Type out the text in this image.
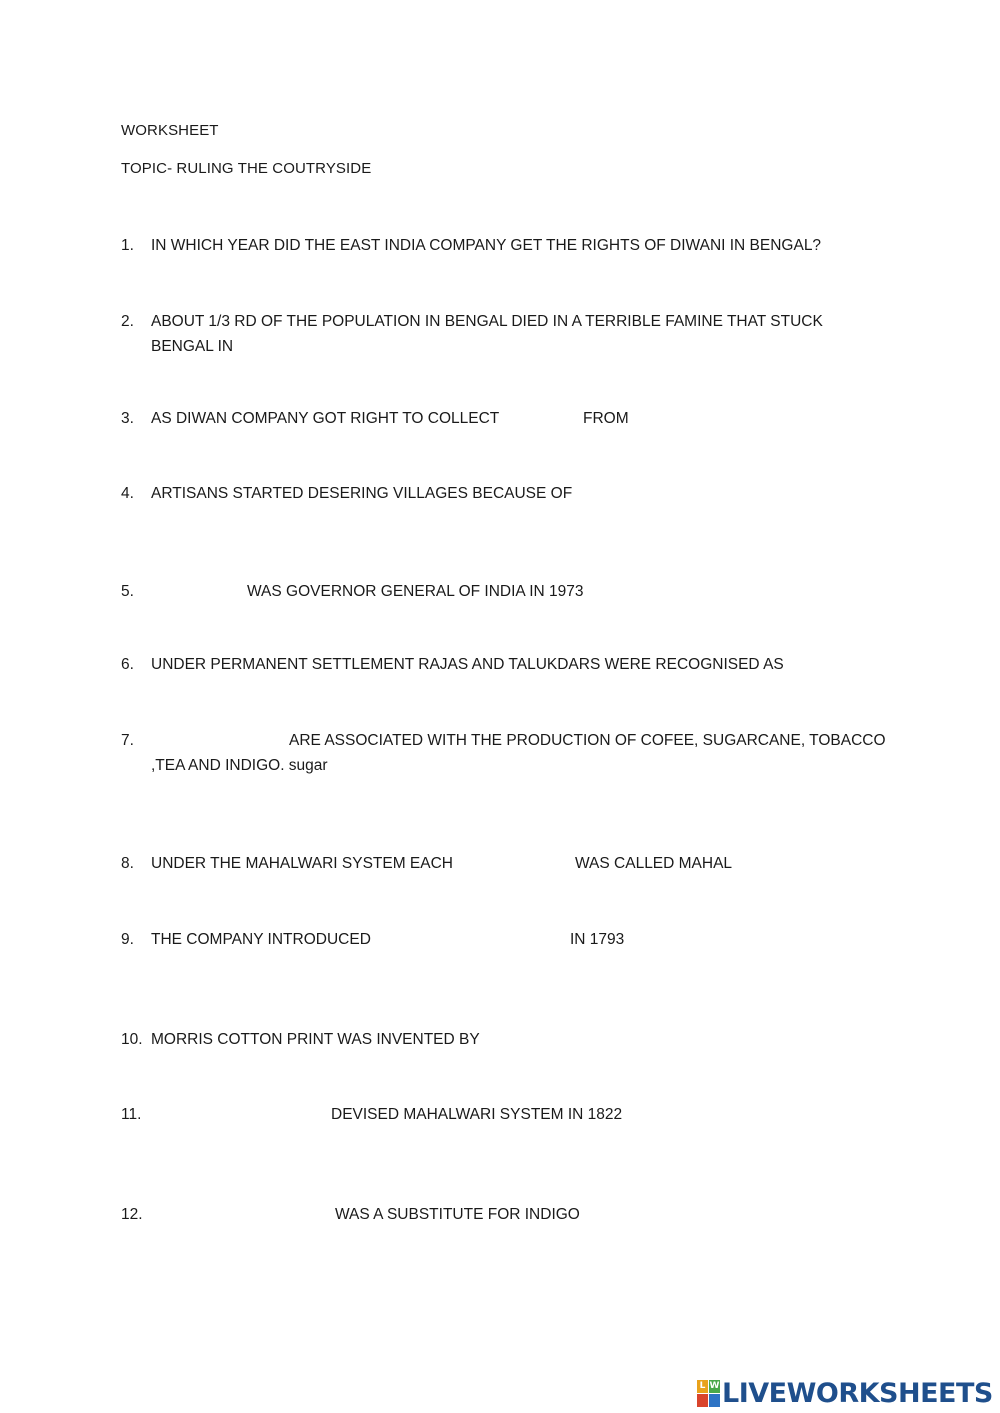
WORKSHEET
TOPIC- RULING THE COUTRYSIDE
1. IN WHICH YEAR DID THE EAST INDIA COMPANY GET THE RIGHTS OF DIWANI IN BENGAL?
2. ABOUT 1/3 RD OF THE POPULATION IN BENGAL DIED IN A TERRIBLE FAMINE THAT STUCK
BENGAL IN
3. AS DIWAN COMPANY GOT RIGHT TO COLLECT	FROM
4. ARTISANS STARTED DESERING VILLAGES BECAUSE OF
5.	WAS GOVERNOR GENERAL OF INDIA IN 1973
6. UNDER PERMANENT SETTLEMENT RAJAS AND TALUKDARS WERE RECOGNISED AS
7.	ARE ASSOCIATED WITH THE PRODUCTION OF COFEE, SUGARCANE, TOBACCO
,TEA AND INDIGO. sugar
8. UNDER THE MAHALWARI SYSTEM EACH	WAS CALLED MAHAL
9. THE COMPANY INTRODUCED	IN 1793
10. MORRIS COTTON PRINT WAS INVENTED BY
11.	DEVISED MAHALWARI SYSTEM IN 1822
12.	WAS A SUBSTITUTE FOR INDIGO
L W LIVEWORKSHEETS
